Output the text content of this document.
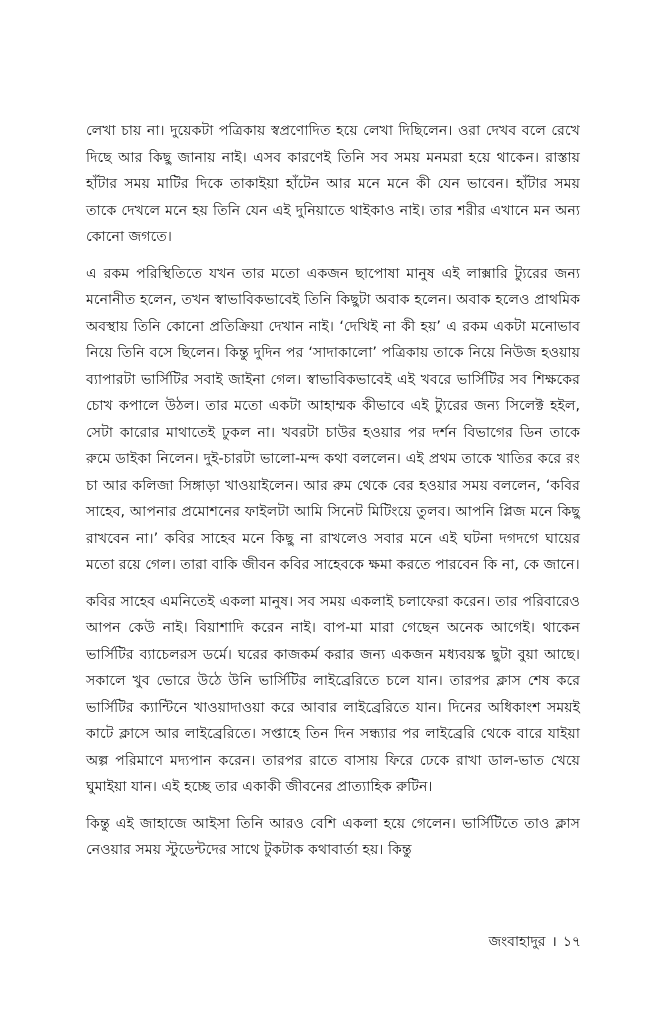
লেখা চায় না। দুয়েকটা পত্রিকায় স্বপ্রণোদিত হয়ে লেখা দিছিলেন। ওরা দেখব বলে রেখে দিছে আর কিছু জানায় নাই। এসব কারণেই তিনি সব সময় মনমরা হয়ে থাকেন। রাস্তায় হাঁটার সময় মাটির দিকে তাকাইয়া হাঁটেন আর মনে মনে কী যেন ভাবেন। হাঁটার সময় তাকে দেখলে মনে হয় তিনি যেন এই দুনিয়াতে থাইকাও নাই। তার শরীর এখানে মন অন্য কোনো জগতে।

এ রকম পরিস্থিতিতে যখন তার মতো একজন ছাপোষা মানুষ এই লাক্সারি ট্যুরের জন্য মনোনীত হলেন, তখন স্বাভাবিকভাবেই তিনি কিছুটা অবাক হলেন। অবাক হলেও প্রাথমিক অবস্থায় তিনি কোনো প্রতিক্রিয়া দেখান নাই। ‘দেখিই না কী হয়’ এ রকম একটা মনোভাব নিয়ে তিনি বসে ছিলেন। কিন্তু দুদিন পর ‘সাদাকালো’ পত্রিকায় তাকে নিয়ে নিউজ হওয়ায় ব্যাপারটা ভার্সিটির সবাই জাইনা গেল। স্বাভাবিকভাবেই এই খবরে ভার্সিটির সব শিক্ষকের চোখ কপালে উঠল। তার মতো একটা আহাম্মক কীভাবে এই ট্যুরের জন্য সিলেক্ট হইল, সেটা কারোর মাথাতেই ঢুকল না। খবরটা চাউর হওয়ার পর দর্শন বিভাগের ডিন তাকে রুমে ডাইকা নিলেন। দুই-চারটা ভালো-মন্দ কথা বললেন। এই প্রথম তাকে খাতির করে রং চা আর কলিজা সিঙ্গাড়া খাওয়াইলেন। আর রুম থেকে বের হওয়ার সময় বললেন, ‘কবির সাহেব, আপনার প্রমোশনের ফাইলটা আমি সিনেট মিটিংয়ে তুলব। আপনি প্লিজ মনে কিছু রাখবেন না।’ কবির সাহেব মনে কিছু না রাখলেও সবার মনে এই ঘটনা দগদগে ঘায়ের মতো রয়ে গেল। তারা বাকি জীবন কবির সাহেবকে ক্ষমা করতে পারবেন কি না, কে জানে।

কবির সাহেব এমনিতেই একলা মানুষ। সব সময় একলাই চলাফেরা করেন। তার পরিবারেও আপন কেউ নাই। বিয়াশাদি করেন নাই। বাপ-মা মারা গেছেন অনেক আগেই। থাকেন ভার্সিটির ব্যাচেলরস ডর্মে। ঘরের কাজকর্ম করার জন্য একজন মধ্যবয়স্ক ছুটা বুয়া আছে। সকালে খুব ভোরে উঠে উনি ভার্সিটির লাইব্রেরিতে চলে যান। তারপর ক্লাস শেষ করে ভার্সিটির ক্যান্টিনে খাওয়াদাওয়া করে আবার লাইব্রেরিতে যান। দিনের অধিকাংশ সময়ই কাটে ক্লাসে আর লাইব্রেরিতে। সপ্তাহে তিন দিন সন্ধ্যার পর লাইব্রেরি থেকে বারে যাইয়া অল্প পরিমাণে মদ্যপান করেন। তারপর রাতে বাসায় ফিরে ঢেকে রাখা ডাল-ভাত খেয়ে ঘুমাইয়া যান। এই হচ্ছে তার একাকী জীবনের প্রাত্যাহিক রুটিন।

কিন্তু এই জাহাজে আইসা তিনি আরও বেশি একলা হয়ে গেলেন। ভার্সিটিতে তাও ক্লাস নেওয়ার সময় স্টুডেন্টদের সাথে টুকটাক কথাবার্তা হয়। কিন্তু

জংবাহাদুর । ১৭
